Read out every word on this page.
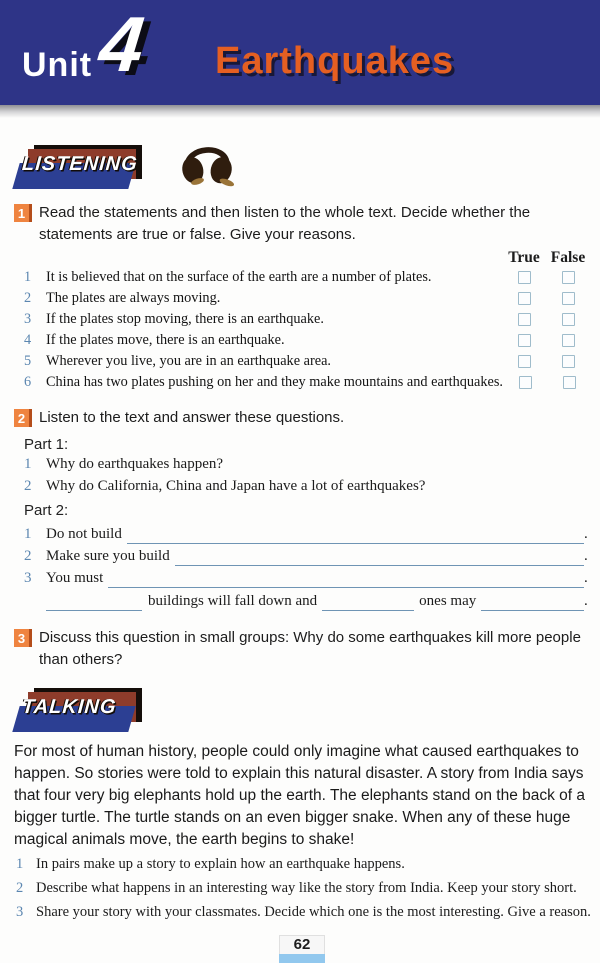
Unit 4 Earthquakes
LISTENING
1 Read the statements and then listen to the whole text. Decide whether the statements are true or false. Give your reasons.

True False
1	It is believed that on the surface of the earth are a number of plates.
2	The plates are always moving.
3	If the plates stop moving, there is an earthquake.
4	If the plates move, there is an earthquake.
5	Wherever you live, you are in an earthquake area.
6	China has two plates pushing on her and they make mountains and earthquakes.
2 Listen to the text and answer these questions.

Part 1:
1 Why do earthquakes happen?
2 Why do California, China and Japan have a lot of earthquakes?
Part 2:
1 Do not build	.
2 Make sure you build	.
3 You must	.
buildings will fall down and	ones may	.
3 Discuss this question in small groups: Why do some earthquakes kill more people than others?

TALKING

For most of human history, people could only imagine what caused earthquakes to happen. So stories were told to explain this natural disaster. A story from India says that four very big elephants hold up the earth. The elephants stand on the back of a bigger turtle. The turtle stands on an even bigger snake. When any of these huge magical animals move, the earth begins to shake!

1 In pairs make up a story to explain how an earthquake happens.
2 Describe what happens in an interesting way like the story from India. Keep your story short.
3 Share your story with your classmates. Decide which one is the most interesting. Give a reason.
62
